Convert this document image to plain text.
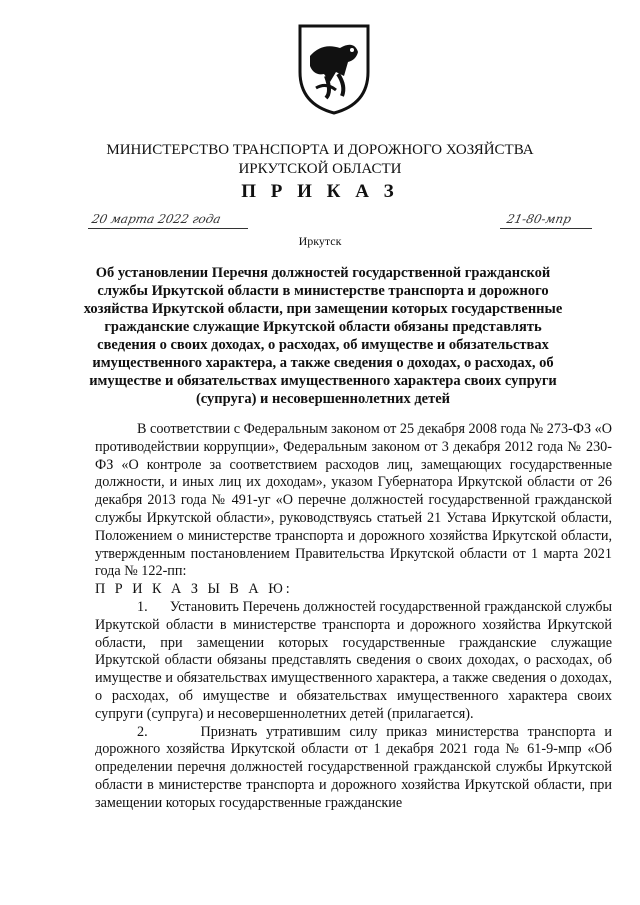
МИНИСТЕРСТВО ТРАНСПОРТА И ДОРОЖНОГО ХОЗЯЙСТВА
ИРКУТСКОЙ ОБЛАСТИ
П Р И К А З
20 марта 2022 года	21-80-мпр
Иркутск
Об установлении Перечня должностей государственной гражданской службы Иркутской области в министерстве транспорта и дорожного хозяйства Иркутской области, при замещении которых государственные гражданские служащие Иркутской области обязаны представлять сведения о своих доходах, о расходах, об имуществе и обязательствах имущественного характера, а также сведения о доходах, о расходах, об имуществе и обязательствах имущественного характера своих супруги (супруга) и несовершеннолетних детей

В соответствии с Федеральным законом от 25 декабря 2008 года № 273-ФЗ «О противодействии коррупции», Федеральным законом от 3 декабря 2012 года № 230-ФЗ «О контроле за соответствием расходов лиц, замещающих государственные должности, и иных лиц их доходам», указом Губернатора Иркутской области от 26 декабря 2013 года № 491-уг «О перечне должностей государственной гражданской службы Иркутской области», руководствуясь статьей 21 Устава Иркутской области, Положением о министерстве транспорта и дорожного хозяйства Иркутской области, утвержденным постановлением Правительства Иркутской области от 1 марта 2021 года № 122-пп:

П Р И К А З Ы В А Ю:

1.      Установить Перечень должностей государственной гражданской службы Иркутской области в министерстве транспорта и дорожного хозяйства Иркутской области, при замещении которых государственные гражданские служащие Иркутской области обязаны представлять сведения о своих доходах, о расходах, об имуществе и обязательствах имущественного характера, а также сведения о доходах, о расходах, об имуществе и обязательствах имущественного характера своих супруги (супруга) и несовершеннолетних детей (прилагается).

2.      Признать утратившим силу приказ министерства транспорта и дорожного хозяйства Иркутской области от 1 декабря 2021 года № 61-9-мпр «Об определении перечня должностей государственной гражданской службы Иркутской области в министерстве транспорта и дорожного хозяйства Иркутской области, при замещении которых государственные гражданские
